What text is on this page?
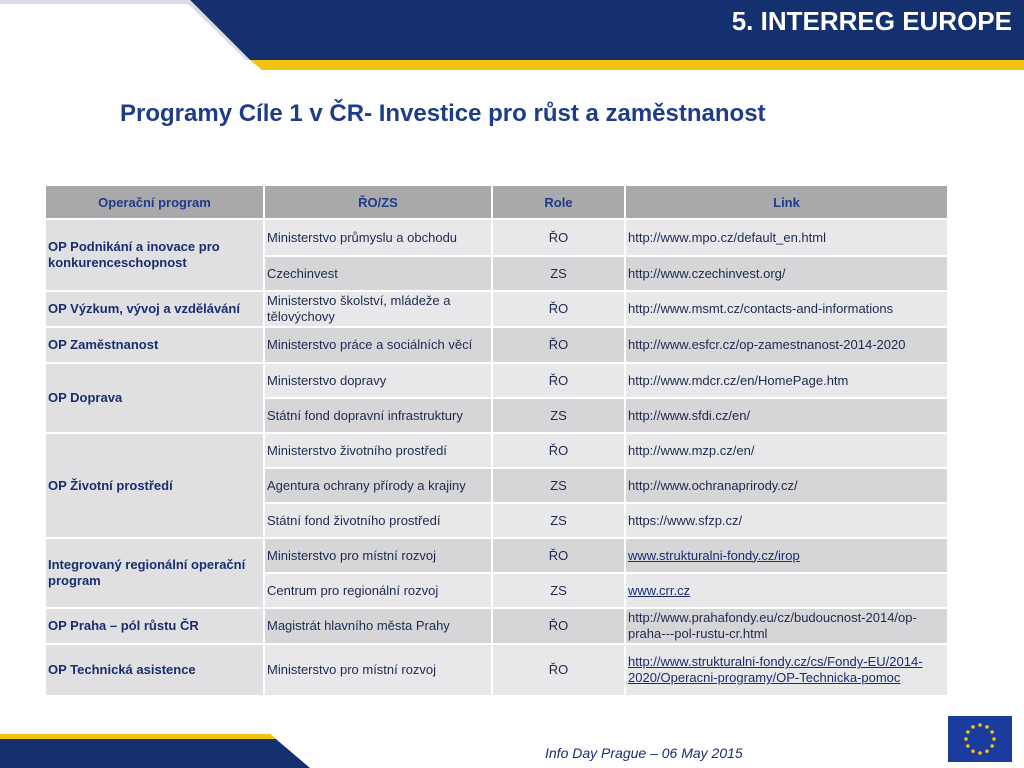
5. INTERREG EUROPE
Programy Cíle 1 v ČR- Investice pro růst a zaměstnanost
Operační program	ŘO/ZS	Role	Link
OP Podnikání a inovace pro konkurenceschopnost	Ministerstvo průmyslu a obchodu	ŘO	http://www.mpo.cz/default_en.html
	Czechinvest	ZS	http://www.czechinvest.org/
OP Výzkum, vývoj a vzdělávání	Ministerstvo školství, mládeže a tělovýchovy	ŘO	http://www.msmt.cz/contacts-and-informations
OP Zaměstnanost	Ministerstvo práce a sociálních věcí	ŘO	http://www.esfcr.cz/op-zamestnanost-2014-2020
OP Doprava	Ministerstvo dopravy	ŘO	http://www.mdcr.cz/en/HomePage.htm
	Státní fond dopravní infrastruktury	ZS	http://www.sfdi.cz/en/
OP Životní prostředí	Ministerstvo životního prostředí	ŘO	http://www.mzp.cz/en/
	Agentura ochrany přírody a krajiny	ZS	http://www.ochranaprirody.cz/
	Státní fond životního prostředí	ZS	https://www.sfzp.cz/
Integrovaný regionální operační program	Ministerstvo pro místní rozvoj	ŘO	www.strukturalni-fondy.cz/irop
	Centrum pro regionální rozvoj	ZS	www.crr.cz
OP Praha – pól růstu ČR	Magistrát hlavního města Prahy	ŘO	http://www.prahafondy.eu/cz/budoucnost-2014/op-praha---pol-rustu-cr.html
OP Technická asistence	Ministerstvo pro místní rozvoj	ŘO	http://www.strukturalni-fondy.cz/cs/Fondy-EU/2014-2020/Operacni-programy/OP-Technicka-pomoc
18	Info Day Prague – 06 May 2015
